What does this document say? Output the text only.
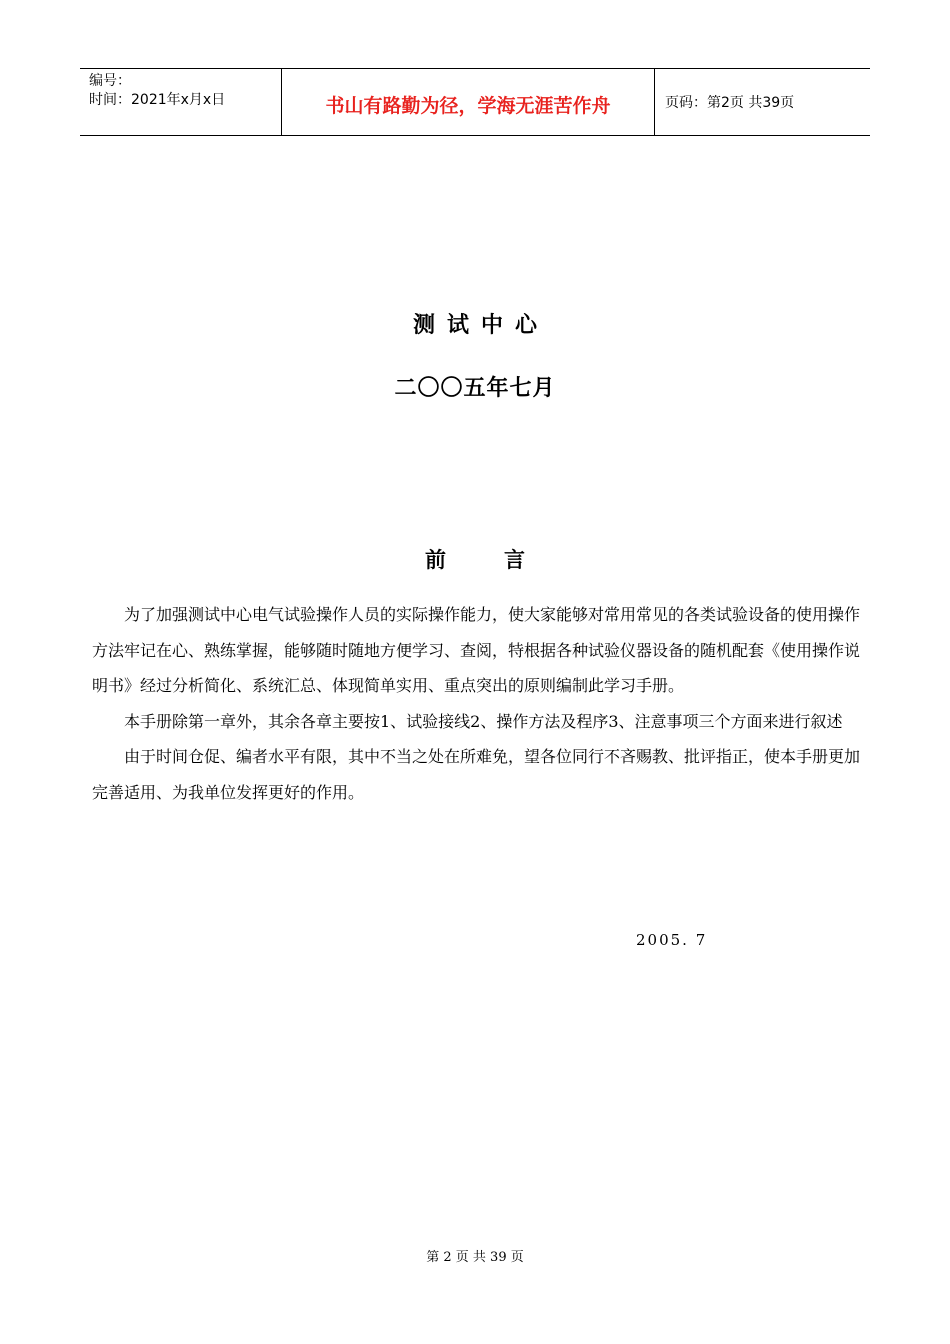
编号：
时间：2021年x月x日	书山有路勤为径，学海无涯苦作舟	页码：第2页 共39页
测试中心
二〇〇五年七月
前言

为了加强测试中心电气试验操作人员的实际操作能力，使大家能够对常用常见的各类试验设备的使用操作方法牢记在心、熟练掌握，能够随时随地方便学习、查阅，特根据各种试验仪器设备的随机配套《使用操作说明书》经过分析简化、系统汇总、体现简单实用、重点突出的原则编制此学习手册。

本手册除第一章外，其余各章主要按1、试验接线2、操作方法及程序3、注意事项三个方面来进行叙述

由于时间仓促、编者水平有限，其中不当之处在所难免，望各位同行不吝赐教、批评指正，使本手册更加完善适用、为我单位发挥更好的作用。

2005. 7
第 2 页 共 39 页
